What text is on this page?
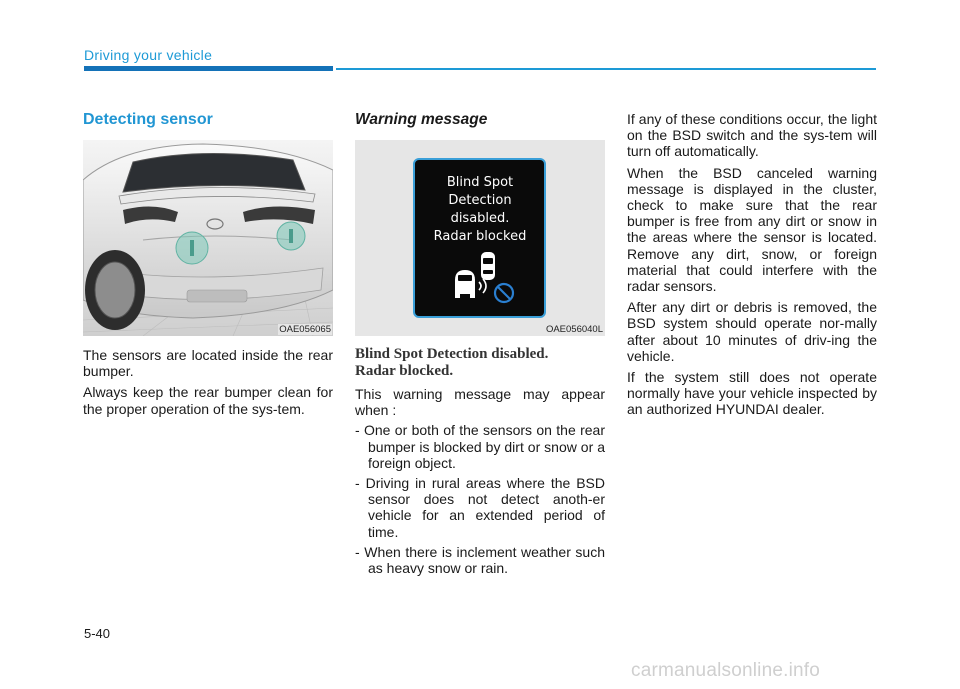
Driving your vehicle
Detecting sensor
OAE056065

The sensors are located inside the rear bumper.

Always keep the rear bumper clean for the proper operation of the sys-tem.

Warning message
Blind Spot
Detection
disabled.
Radar blocked
OAE056040L
Blind Spot Detection disabled.
Radar blocked.

This warning message may appear when :

- One or both of the sensors on the rear bumper is blocked by dirt or snow or a foreign object.
- Driving in rural areas where the BSD sensor does not detect anoth-er vehicle for an extended period of time.
- When there is inclement weather such as heavy snow or rain.

If any of these conditions occur, the light on the BSD switch and the sys-tem will turn off automatically.

When the BSD canceled warning message is displayed in the cluster, check to make sure that the rear bumper is free from any dirt or snow in the areas where the sensor is located. Remove any dirt, snow, or foreign material that could interfere with the radar sensors.

After any dirt or debris is removed, the BSD system should operate nor-mally after about 10 minutes of driv-ing the vehicle.

If the system still does not operate normally have your vehicle inspected by an authorized HYUNDAI dealer.

5-40
carmanualsonline.info
